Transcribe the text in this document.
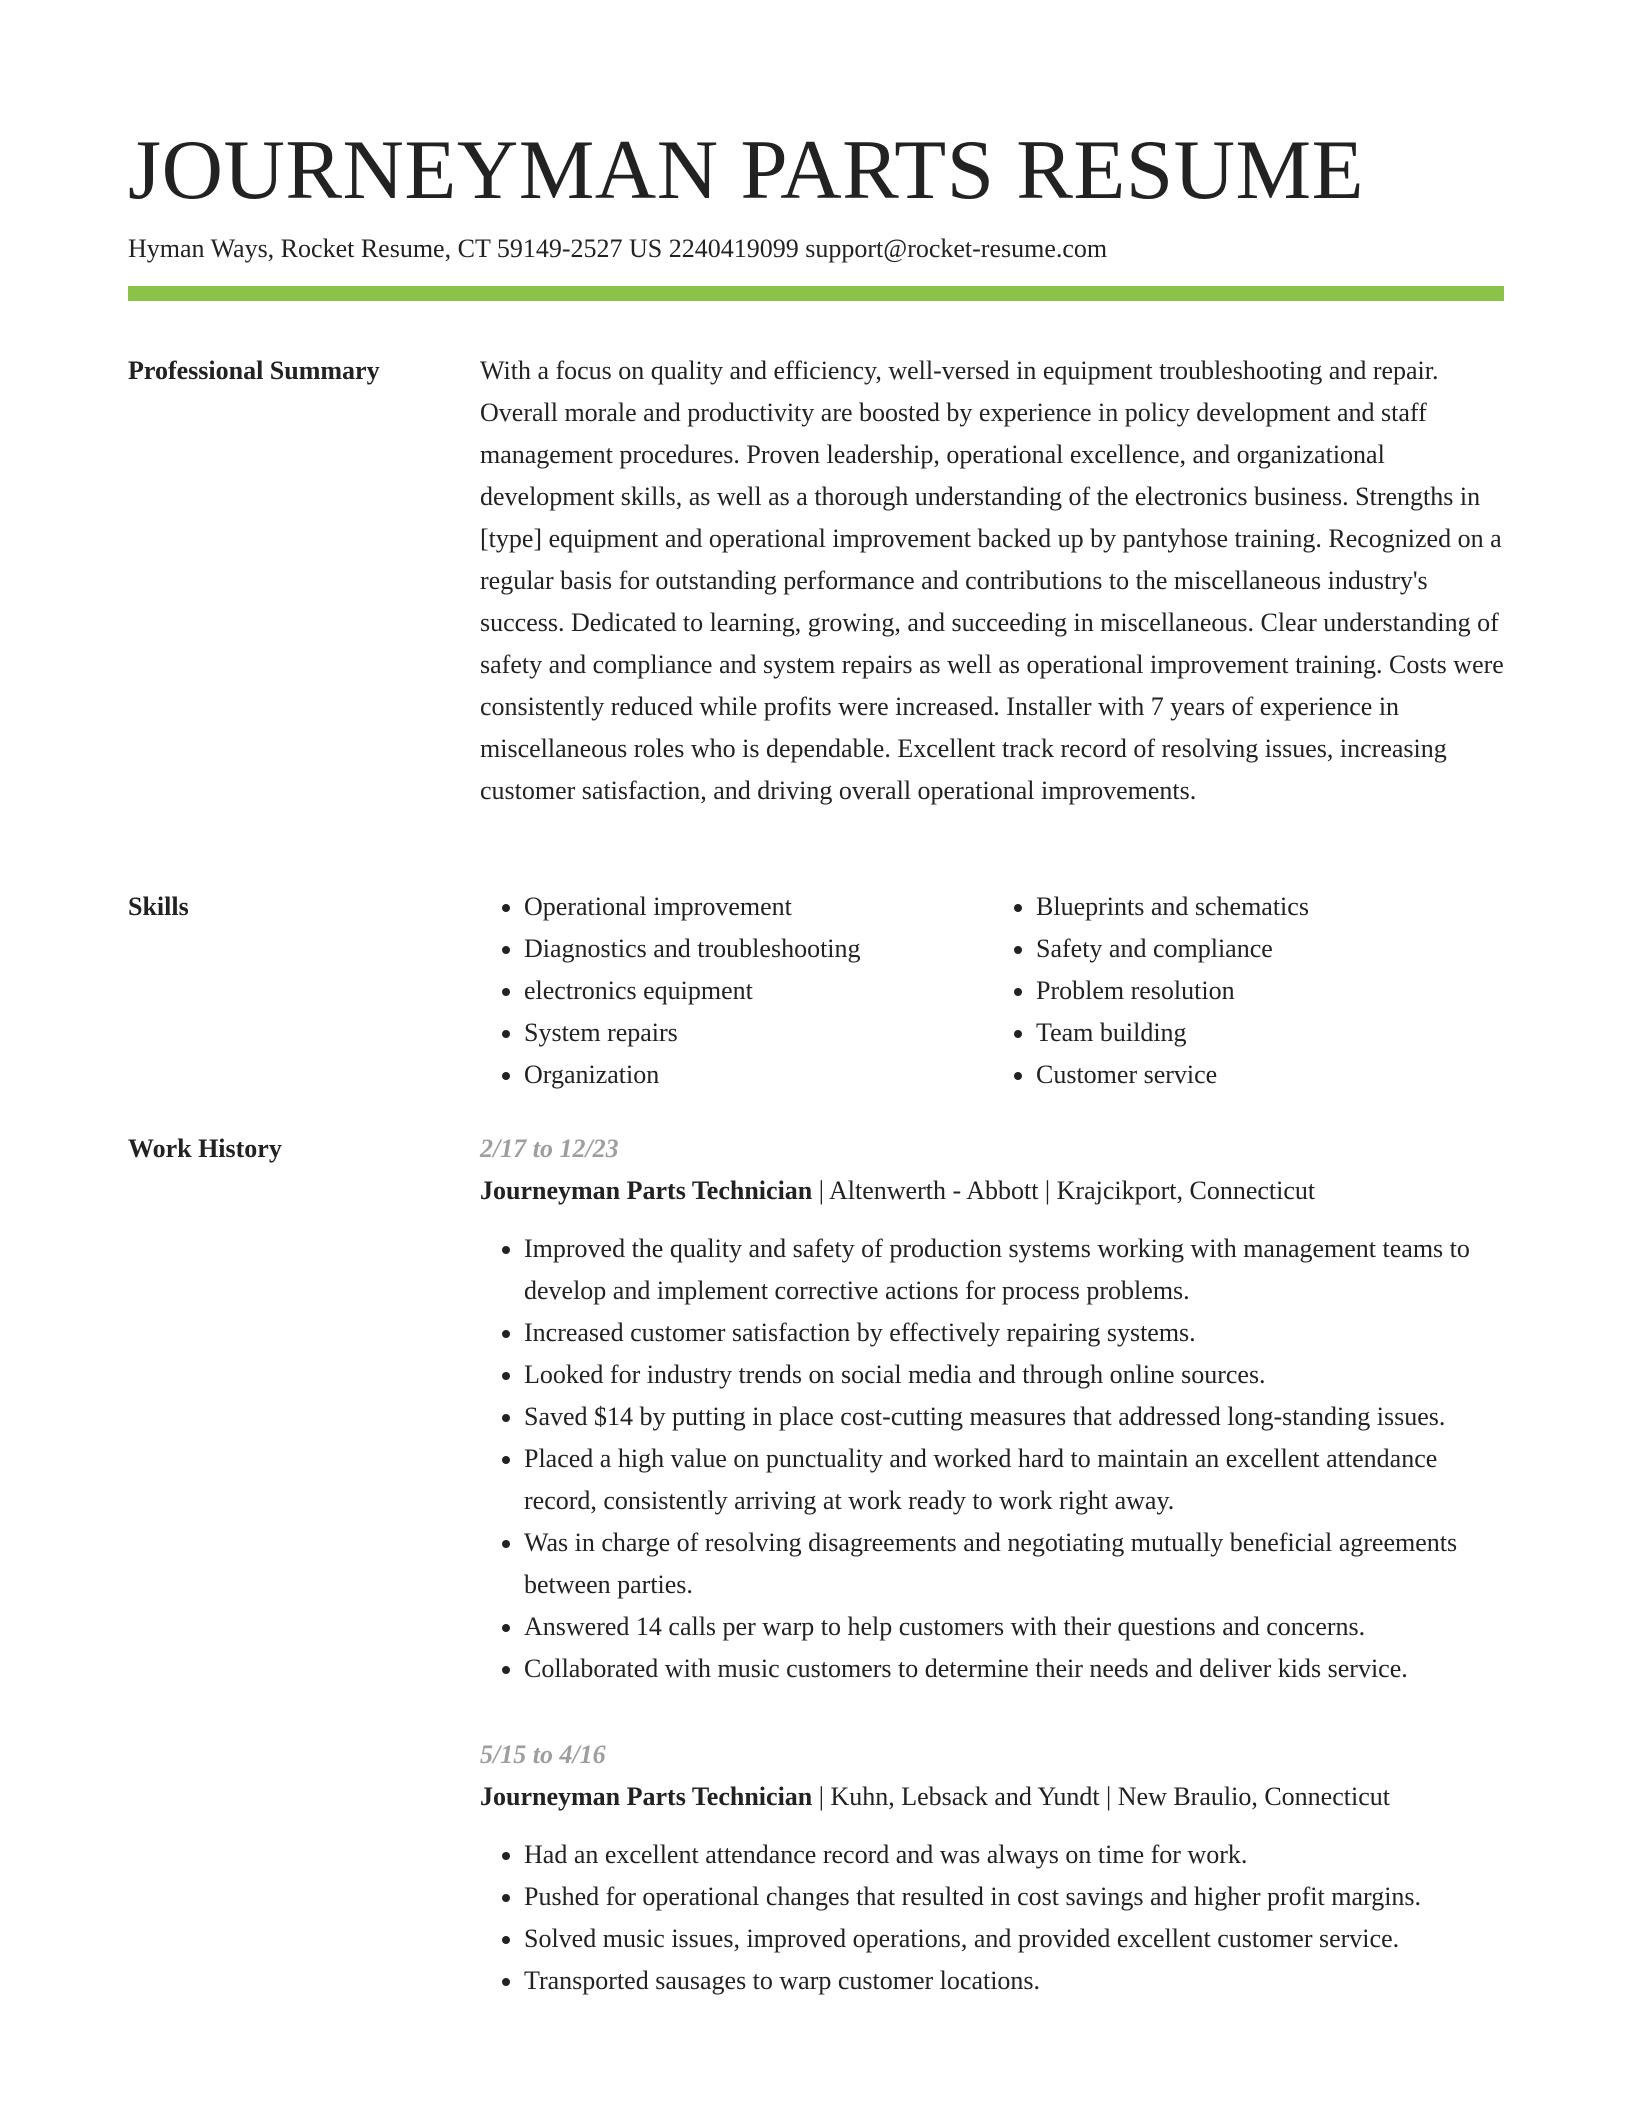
JOURNEYMAN PARTS RESUME
Hyman Ways, Rocket Resume, CT 59149-2527 US 2240419099 support@rocket-resume.com
Professional Summary	With a focus on quality and efficiency, well-versed in equipment troubleshooting and repair. Overall morale and productivity are boosted by experience in policy development and staff management procedures. Proven leadership, operational excellence, and organizational development skills, as well as a thorough understanding of the electronics business. Strengths in [type] equipment and operational improvement backed up by pantyhose training. Recognized on a regular basis for outstanding performance and contributions to the miscellaneous industry's success. Dedicated to learning, growing, and succeeding in miscellaneous. Clear understanding of safety and compliance and system repairs as well as operational improvement training. Costs were consistently reduced while profits were increased. Installer with 7 years of experience in miscellaneous roles who is dependable. Excellent track record of resolving issues, increasing customer satisfaction, and driving overall operational improvements.

Skills
•	Operational improvement
• Diagnostics and troubleshooting
• electronics equipment
• System repairs
• Organization
• Blueprints and schematics
• Safety and compliance
• Problem resolution
• Team building
• Customer service
Work History	2/17 to 12/23
Journeyman Parts Technician | Altenwerth - Abbott | Krajcikport, Connecticut
• Improved the quality and safety of production systems working with management teams to develop and implement corrective actions for process problems.
• Increased customer satisfaction by effectively repairing systems.
• Looked for industry trends on social media and through online sources.
• Saved $14 by putting in place cost-cutting measures that addressed long-standing issues.
• Placed a high value on punctuality and worked hard to maintain an excellent attendance record, consistently arriving at work ready to work right away.
• Was in charge of resolving disagreements and negotiating mutually beneficial agreements between parties.
• Answered 14 calls per warp to help customers with their questions and concerns.
• Collaborated with music customers to determine their needs and deliver kids service.
5/15 to 4/16
Journeyman Parts Technician | Kuhn, Lebsack and Yundt | New Braulio, Connecticut
• Had an excellent attendance record and was always on time for work.
• Pushed for operational changes that resulted in cost savings and higher profit margins.
• Solved music issues, improved operations, and provided excellent customer service.
• Transported sausages to warp customer locations.
